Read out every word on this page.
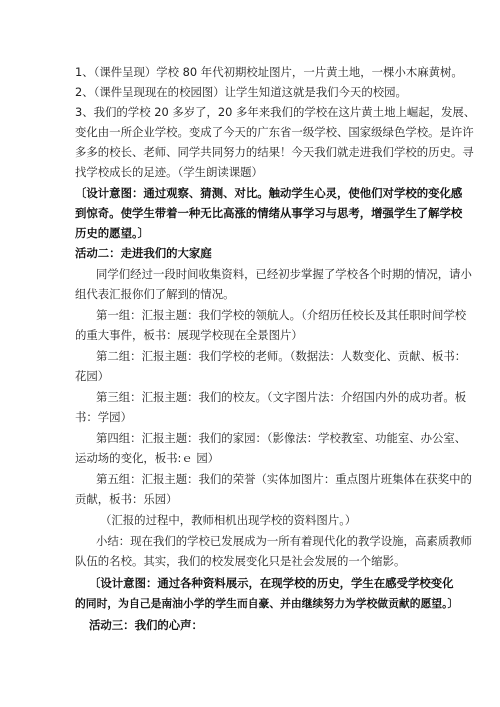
1、（课件呈现）学校 80 年代初期校址图片，一片黄土地，一棵小木麻黄树。
2、（课件呈现现在的校园图）让学生知道这就是我们今天的校园。
3、我们的学校 20 多岁了，20 多年来我们的学校在这片黄土地上崛起，发展、
变化由一所企业学校。变成了今天的广东省一级学校、国家级绿色学校。是许许
多多的校长、老师、同学共同努力的结果！今天我们就走进我们学校的历史。寻
找学校成长的足迹。（学生朗读课题）
〔设计意图：通过观察、猜测、对比。触动学生心灵，使他们对学校的变化感
到惊奇。使学生带着一种无比高涨的情绪从事学习与思考，增强学生了解学校
历史的愿望。〕
活动二：走进我们的大家庭
同学们经过一段时间收集资料，已经初步掌握了学校各个时期的情况，请小
组代表汇报你们了解到的情况。
第一组：汇报主题：我们学校的领航人。（介绍历任校长及其任职时间学校
的重大事件，板书：展现学校现在全景图片）
第二组：汇报主题：我们学校的老师。（数据法：人数变化、贡献、板书：
花园）
第三组：汇报主题：我们的校友。（文字图片法：介绍国内外的成功者。板
书：学园）
第四组：汇报主题：我们的家园：（影像法：学校教室、功能室、办公室、
运动场的变化，板书:ｅ 园）
第五组：汇报主题：我们的荣誉（实体加图片：重点图片班集体在获奖中的
贡献，板书：乐园）
（汇报的过程中，教师相机出现学校的资料图片。）
小结：现在我们的学校已发展成为一所有着现代化的教学设施，高素质教师
队伍的名校。其实，我们的校发展变化只是社会发展的一个缩影。
〔设计意图：通过各种资料展示，在现学校的历史，学生在感受学校变化
的同时，为自己是南油小学的学生而自豪、并由继续努力为学校做贡献的愿望。〕
活动三：我们的心声：
